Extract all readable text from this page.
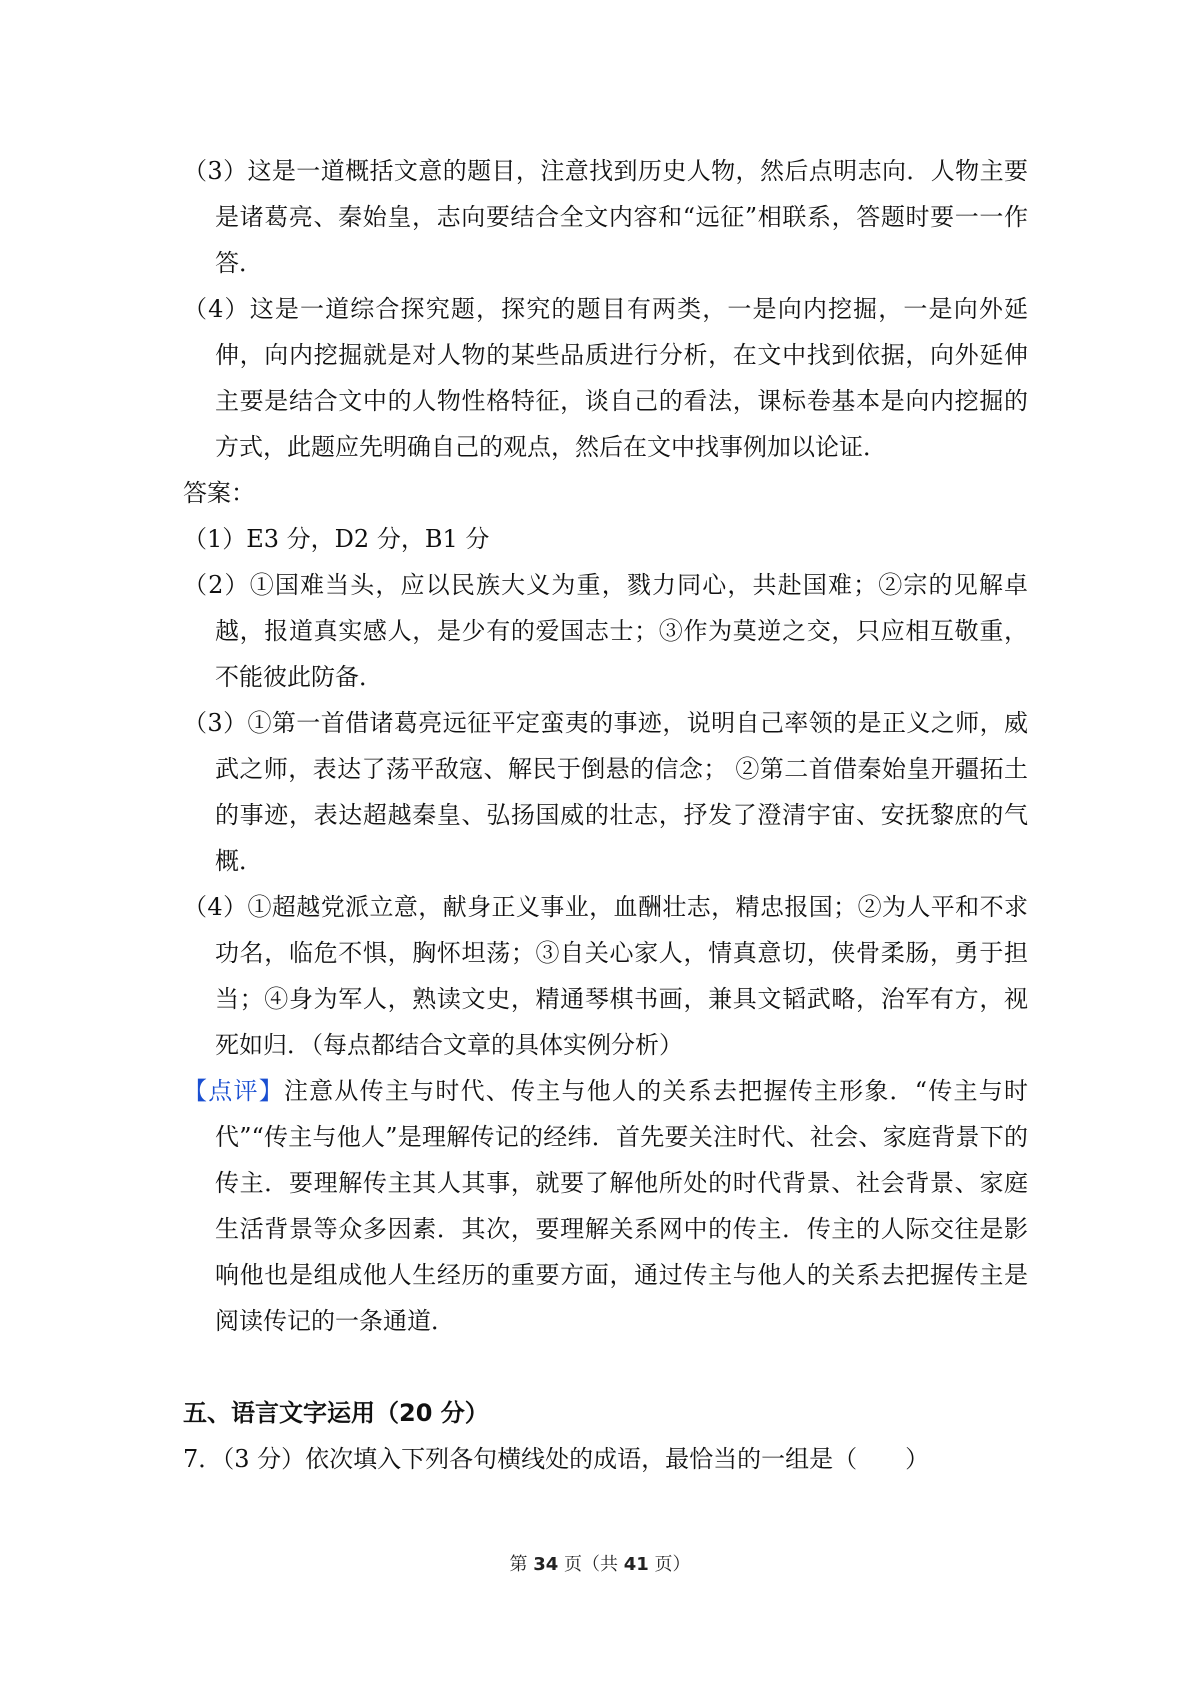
（3）这是一道概括文意的题目，注意找到历史人物，然后点明志向．人物主要是诸葛亮、秦始皇，志向要结合全文内容和“远征”相联系，答题时要一一作答．

（4）这是一道综合探究题，探究的题目有两类，一是向内挖掘，一是向外延伸，向内挖掘就是对人物的某些品质进行分析，在文中找到依据，向外延伸主要是结合文中的人物性格特征，谈自己的看法，课标卷基本是向内挖掘的方式，此题应先明确自己的观点，然后在文中找事例加以论证．

答案：

（1）E3 分，D2 分，B1 分

（2）①国难当头，应以民族大义为重，戮力同心，共赴国难；②宗的见解卓越，报道真实感人，是少有的爱国志士；③作为莫逆之交，只应相互敬重，不能彼此防备．

（3）①第一首借诸葛亮远征平定蛮夷的事迹，说明自己率领的是正义之师，威武之师，表达了荡平敌寇、解民于倒悬的信念； ②第二首借秦始皇开疆拓土的事迹，表达超越秦皇、弘扬国威的壮志，抒发了澄清宇宙、安抚黎庶的气概．

（4）①超越党派立意，献身正义事业，血酬壮志，精忠报国；②为人平和不求功名，临危不惧，胸怀坦荡；③自关心家人，情真意切，侠骨柔肠，勇于担当；④身为军人，熟读文史，精通琴棋书画，兼具文韬武略，治军有方，视死如归．（每点都结合文章的具体实例分析）

【点评】注意从传主与时代、传主与他人的关系去把握传主形象．“传主与时代”“传主与他人”是理解传记的经纬．首先要关注时代、社会、家庭背景下的传主．要理解传主其人其事，就要了解他所处的时代背景、社会背景、家庭生活背景等众多因素．其次，要理解关系网中的传主．传主的人际交往是影响他也是组成他人生经历的重要方面，通过传主与他人的关系去把握传主是阅读传记的一条通道．

五、语言文字运用（20 分）

7．（3 分）依次填入下列各句横线处的成语，最恰当的一组是（　　）

第 34 页（共 41 页）
